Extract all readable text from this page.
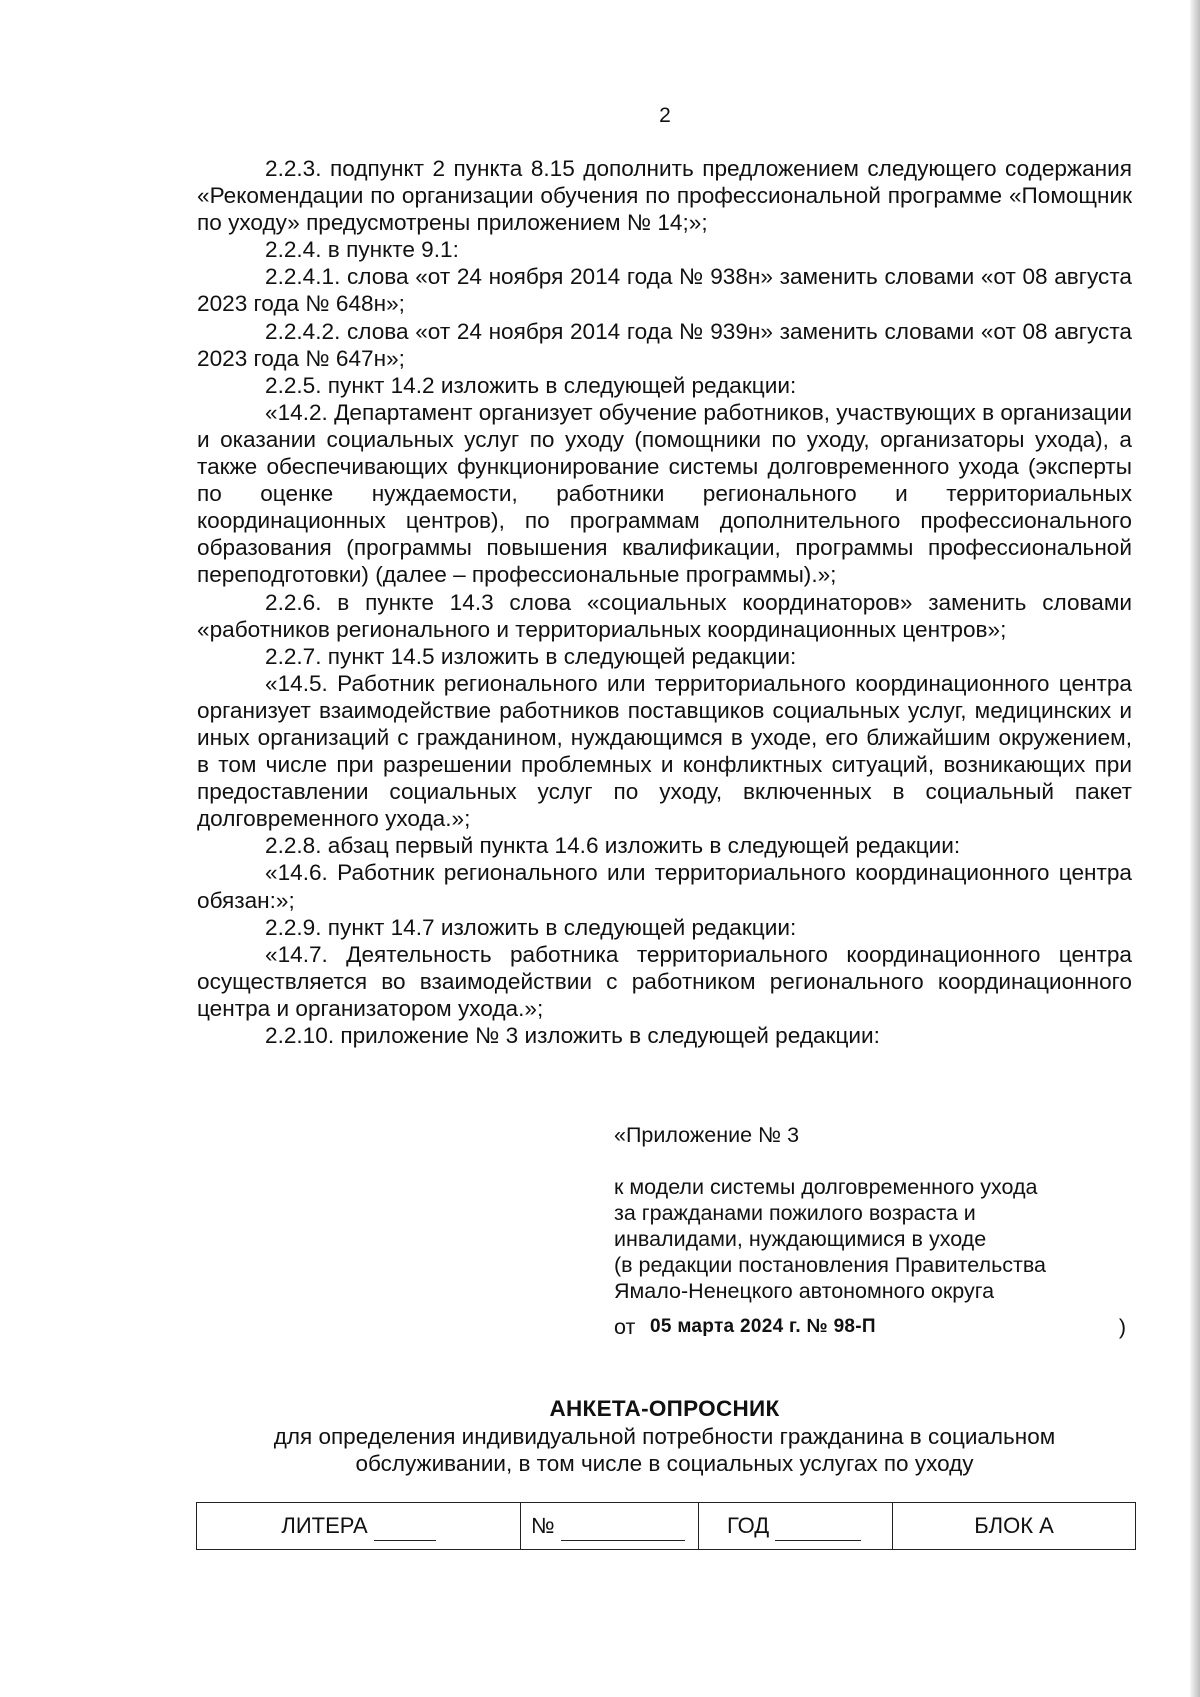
2

2.2.3. подпункт 2 пункта 8.15 дополнить предложением следующего содержания «Рекомендации по организации обучения по профессиональной программе «Помощник по уходу» предусмотрены приложением № 14;»;

2.2.4. в пункте 9.1:

2.2.4.1. слова «от 24 ноября 2014 года № 938н» заменить словами «от 08 августа 2023 года № 648н»;

2.2.4.2. слова «от 24 ноября 2014 года № 939н» заменить словами «от 08 августа 2023 года № 647н»;

2.2.5. пункт 14.2 изложить в следующей редакции:

«14.2. Департамент организует обучение работников, участвующих в организации и оказании социальных услуг по уходу (помощники по уходу, организаторы ухода), а также обеспечивающих функционирование системы долговременного ухода (эксперты по оценке нуждаемости, работники регионального и территориальных координационных центров), по программам дополнительного профессионального образования (программы повышения квалификации, программы профессиональной переподготовки) (далее – профессиональные программы).»;

2.2.6. в пункте 14.3 слова «социальных координаторов» заменить словами «работников регионального и территориальных координационных центров»;

2.2.7. пункт 14.5 изложить в следующей редакции:

«14.5. Работник регионального или территориального координационного центра организует взаимодействие работников поставщиков социальных услуг, медицинских и иных организаций с гражданином, нуждающимся в уходе, его ближайшим окружением, в том числе при разрешении проблемных и конфликтных ситуаций, возникающих при предоставлении социальных услуг по уходу, включенных в социальный пакет долговременного ухода.»;

2.2.8. абзац первый пункта 14.6 изложить в следующей редакции:

«14.6. Работник регионального или территориального координационного центра обязан:»;

2.2.9. пункт 14.7 изложить в следующей редакции:

«14.7. Деятельность работника территориального координационного центра осуществляется во взаимодействии с работником регионального координационного центра и организатором ухода.»;

2.2.10. приложение № 3 изложить в следующей редакции:

«Приложение № 3
к модели системы долговременного ухода
за гражданами пожилого возраста и
инвалидами, нуждающимися в уходе
(в редакции постановления Правительства
Ямало-Ненецкого автономного округа
от 05 марта 2024 г. № 98-П	)
АНКЕТА-ОПРОСНИК
для определения индивидуальной потребности гражданина в социальном
обслуживании, в том числе в социальных услугах по уходу
ЛИТЕРА	№	ГОД	БЛОК А
